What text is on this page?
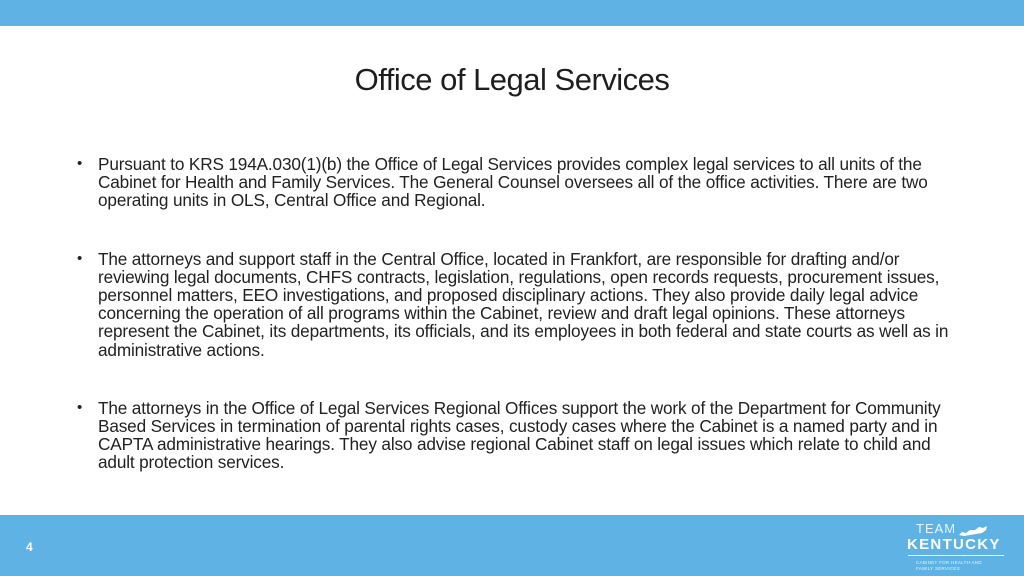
Office of Legal Services
• Pursuant to KRS 194A.030(1)(b) the Office of Legal Services provides complex legal services to all units of the Cabinet for Health and Family Services. The General Counsel oversees all of the office activities. There are two operating units in OLS, Central Office and Regional.
• The attorneys and support staff in the Central Office, located in Frankfort, are responsible for drafting and/or reviewing legal documents, CHFS contracts, legislation, regulations, open records requests, procurement issues, personnel matters, EEO investigations, and proposed disciplinary actions. They also provide daily legal advice concerning the operation of all programs within the Cabinet, review and draft legal opinions. These attorneys represent the Cabinet, its departments, its officials, and its employees in both federal and state courts as well as in administrative actions.
• The attorneys in the Office of Legal Services Regional Offices support the work of the Department for Community Based Services in termination of parental rights cases, custody cases where the Cabinet is a named party and in CAPTA administrative hearings. They also advise regional Cabinet staff on legal issues which relate to child and adult protection services.
4
TEAM
KENTUCKY
CABINET FOR HEALTH AND
FAMILY SERVICES
